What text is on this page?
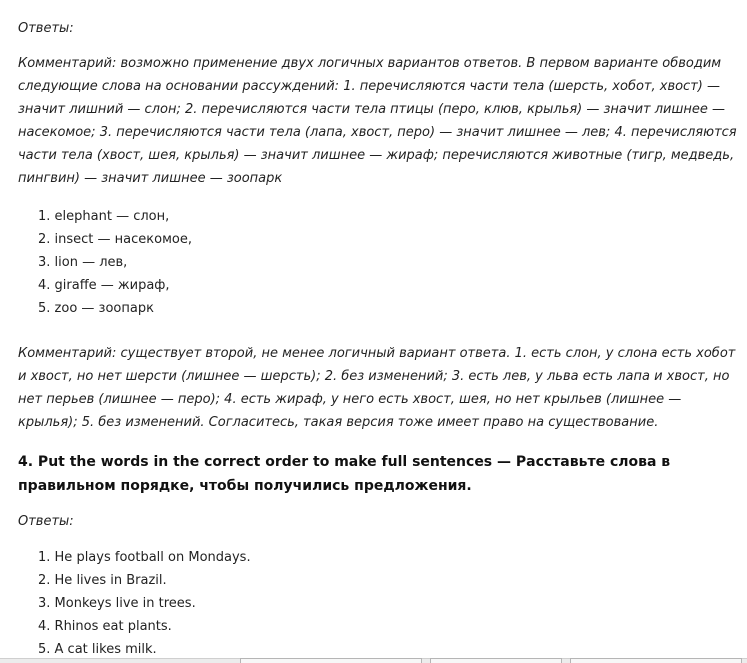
Ответы:

Комментарий: возможно применение двух логичных вариантов ответов. В первом варианте обводим следующие слова на основании рассуждений: 1. перечисляются части тела (шерсть, хобот, хвост) — значит лишний — слон; 2. перечисляются части тела птицы (перо, клюв, крылья) — значит лишнее — насекомое; 3. перечисляются части тела (лапа, хвост, перо) — значит лишнее — лев; 4. перечисляются части тела (хвост, шея, крылья) — значит лишнее — жираф; перечисляются животные (тигр, медведь, пингвин) — значит лишнее — зоопарк

1. elephant — слон,
2. insect — насекомое,
3. lion — лев,
4. giraffe — жираф,
5. zoo — зоопарк

Комментарий: существует второй, не менее логичный вариант ответа. 1. есть слон, у слона есть хобот и хвост, но нет шерсти (лишнее — шерсть); 2. без изменений; 3. есть лев, у льва есть лапа и хвост, но нет перьев (лишнее — перо); 4. есть жираф, у него есть хвост, шея, но нет крыльев (лишнее — крылья); 5. без изменений. Согласитесь, такая версия тоже имеет право на существование.

4. Put the words in the correct order to make full sentences — Расставьте слова в правильном порядке, чтобы получились предложения.

Ответы:

1. He plays football on Mondays.
2. He lives in Brazil.
3. Monkeys live in trees.
4. Rhinos eat plants.
5. A cat likes milk.
